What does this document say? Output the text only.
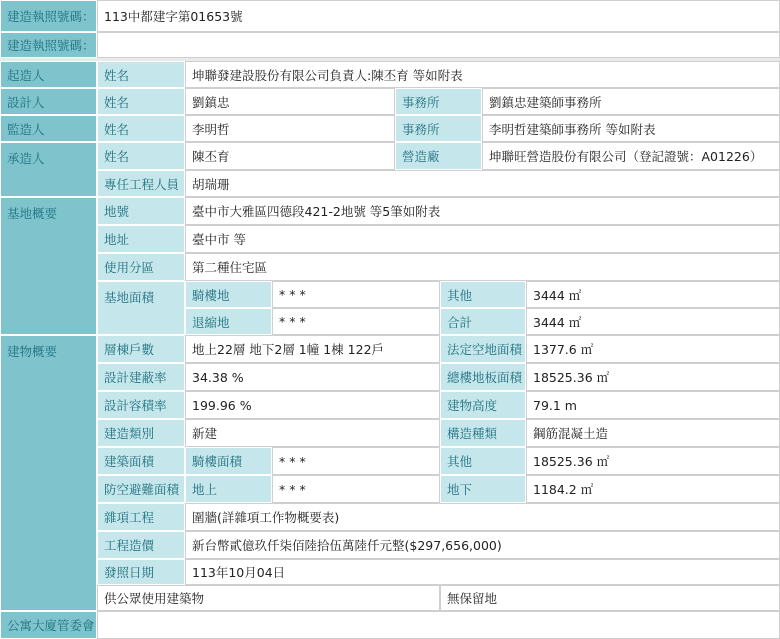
建造執照號碼： 113中都建字第01653號
建造執照號碼：
起造人	姓名	坤聯發建設股份有限公司負責人:陳丕育 等如附表
設計人	姓名	劉鎮忠	事務所	劉鎮忠建築師事務所
監造人	姓名	李明哲	事務所	李明哲建築師事務所 等如附表
承造人	姓名	陳丕育	營造廠	坤聯旺營造股份有限公司（登記證號：A01226）
專任工程人員	胡瑞珊
基地概要	地號	臺中市大雅區四德段421-2地號 等5筆如附表
地址	臺中市 等
使用分區	第二種住宅區
基地面積	騎樓地	* * *	其他	3444 ㎡
退縮地	* * *	合計	3444 ㎡
建物概要	層棟戶數	地上22層 地下2層 1幢 1棟 122戶	法定空地面積 1377.6 ㎡
設計建蔽率	34.38 %	總樓地板面積 18525.36 ㎡
設計容積率	199.96 %	建物高度	79.1 m
建造類別	新建	構造種類	鋼筋混凝土造
建築面積	騎樓面積	* * *	其他	18525.36 ㎡
防空避難面積	地上	* * *	地下	1184.2 ㎡
雜項工程	圍牆(詳雜項工作物概要表)
工程造價	新台幣貳億玖仟柒佰陸拾伍萬陸仟元整($297,656,000)
發照日期	113年10月04日
供公眾使用建築物	無保留地
公寓大廈管委會
